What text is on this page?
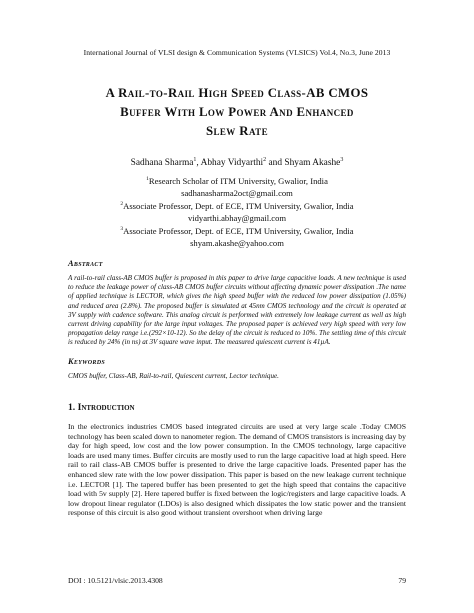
International Journal of VLSI design & Communication Systems (VLSICS) Vol.4, No.3, June 2013
A Rail-to-Rail High Speed Class-AB CMOS
Buffer With Low Power And Enhanced
Slew Rate
Sadhana Sharma$^1$, Abhay Vidyarthi$^2$ and Shyam Akashe$^3$
$^1$Research Scholar of ITM University, Gwalior, India
sadhanasharma2oct@gmail.com
$^2$Associate Professor, Dept. of ECE, ITM University, Gwalior, India
vidyarthi.abhay@gmail.com
$^3$Associate Professor, Dept. of ECE, ITM University, Gwalior, India
shyam.akashe@yahoo.com
Abstract

A rail-to-rail class-AB CMOS buffer is proposed in this paper to drive large capacitive loads. A new technique is used to reduce the leakage power of class-AB CMOS buffer circuits without affecting dynamic power dissipation .The name of applied technique is LECTOR, which gives the high speed buffer with the reduced low power dissipation (1.05%) and reduced area (2.8%). The proposed buffer is simulated at 45nm CMOS technology and the circuit is operated at 3V supply with cadence software. This analog circuit is performed with extremely low leakage current as well as high current driving capability for the large input voltages. The proposed paper is achieved very high speed with very low propagation delay range i.e.(292×10-12). So the delay of the circuit is reduced to 10%. The settling time of this circuit is reduced by 24% (in ns) at 3V square wave input. The measured quiescent current is 41µA.

Keywords

CMOS buffer, Class-AB, Rail-to-rail, Quiescent current, Lector technique.

1. Introduction

In the electronics industries CMOS based integrated circuits are used at very large scale .Today CMOS technology has been scaled down to nanometer region. The demand of CMOS transistors is increasing day by day for high speed, low cost and the low power consumption. In the CMOS technology, large capacitive loads are used many times. Buffer circuits are mostly used to run the large capacitive load at high speed. Here rail to rail class-AB CMOS buffer is presented to drive the large capacitive loads. Presented paper has the enhanced slew rate with the low power dissipation. This paper is based on the new leakage current technique i.e. LECTOR [1]. The tapered buffer has been presented to get the high speed that contains the capacitive load with 5v supply [2]. Here tapered buffer is fixed between the logic/registers and large capacitive loads. A low dropout linear regulator (LDOs) is also designed which dissipates the low static power and the transient response of this circuit is also good without transient overshoot when driving large

DOI : 10.5121/vlsic.2013.4308	79
